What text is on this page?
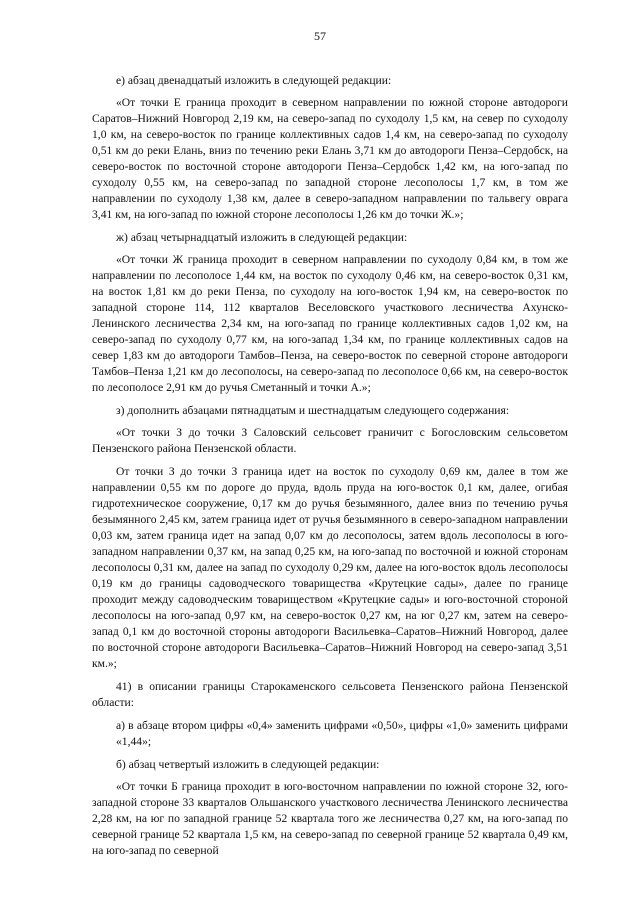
57

е) абзац двенадцатый изложить в следующей редакции:

«От точки Е граница проходит в северном направлении по южной стороне автодороги Саратов–Нижний Новгород 2,19 км, на северо-запад по суходолу 1,5 км, на север по суходолу 1,0 км, на северо-восток по границе коллективных садов 1,4 км, на северо-запад по суходолу 0,51 км до реки Елань, вниз по течению реки Елань 3,71 км до автодороги Пенза–Сердобск, на северо-восток по восточной стороне автодороги Пенза–Сердобск 1,42 км, на юго-запад по суходолу 0,55 км, на северо-запад по западной стороне лесополосы 1,7 км, в том же направлении по суходолу 1,38 км, далее в северо-западном направлении по тальвегу оврага 3,41 км, на юго-запад по южной стороне лесополосы 1,26 км до точки Ж.»;

ж) абзац четырнадцатый изложить в следующей редакции:

«От точки Ж граница проходит в северном направлении по суходолу 0,84 км, в том же направлении по лесополосе 1,44 км, на восток по суходолу 0,46 км, на северо-восток 0,31 км, на восток 1,81 км до реки Пенза, по суходолу на юго-восток 1,94 км, на северо-восток по западной стороне 114, 112 кварталов Веселовского участкового лесничества Ахунско-Ленинского лесничества 2,34 км, на юго-запад по границе коллективных садов 1,02 км, на северо-запад по суходолу 0,77 км, на юго-запад 1,34 км, по границе коллективных садов на север 1,83 км до автодороги Тамбов–Пенза, на северо-восток по северной стороне автодороги Тамбов–Пенза 1,21 км до лесополосы, на северо-запад по лесополосе 0,66 км, на северо-восток по лесополосе 2,91 км до ручья Сметанный и точки А.»;

з) дополнить абзацами пятнадцатым и шестнадцатым следующего содержания:

«От точки З до точки З Саловский сельсовет граничит с Богословским сельсоветом Пензенского района Пензенской области.

От точки З до точки З граница идет на восток по суходолу 0,69 км, далее в том же направлении 0,55 км по дороге до пруда, вдоль пруда на юго-восток 0,1 км, далее, огибая гидротехническое сооружение, 0,17 км до ручья безымянного, далее вниз по течению ручья безымянного 2,45 км, затем граница идет от ручья безымянного в северо-западном направлении 0,03 км, затем граница идет на запад 0,07 км до лесополосы, затем вдоль лесополосы в юго-западном направлении 0,37 км, на запад 0,25 км, на юго-запад по восточной и южной сторонам лесополосы 0,31 км, далее на запад по суходолу 0,29 км, далее на юго-восток вдоль лесополосы 0,19 км до границы садоводческого товарищества «Крутецкие сады», далее по границе проходит между садоводческим товариществом «Крутецкие сады» и юго-восточной стороной лесополосы на юго-запад 0,97 км, на северо-восток 0,27 км, на юг 0,27 км, затем на северо-запад 0,1 км до восточной стороны автодороги Васильевка–Саратов–Нижний Новгород, далее по восточной стороне автодороги Васильевка–Саратов–Нижний Новгород на северо-запад 3,51 км.»;

41) в описании границы Старокаменского сельсовета Пензенского района Пензенской области:

а) в абзаце втором цифры «0,4» заменить цифрами «0,50», цифры «1,0» заменить цифрами «1,44»;

б) абзац четвертый изложить в следующей редакции:

«От точки Б граница проходит в юго-восточном направлении по южной стороне 32, юго-западной стороне 33 кварталов Ольшанского участкового лесничества Ленинского лесничества 2,28 км, на юг по западной границе 52 квартала того же лесничества 0,27 км, на юго-запад по северной границе 52 квартала 1,5 км, на северо-запад по северной границе 52 квартала 0,49 км, на юго-запад по северной
